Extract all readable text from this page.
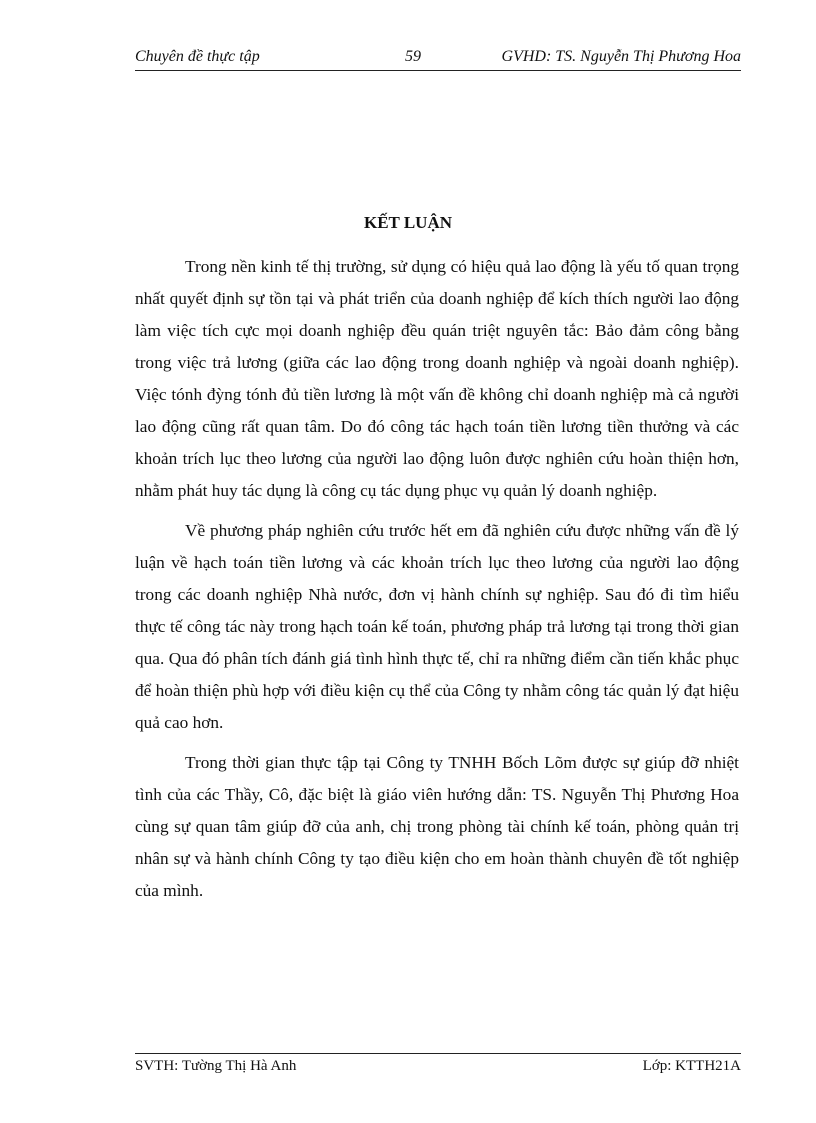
Chuyên đề thực tập	59	GVHD: TS. Nguyễn Thị Phương Hoa
KẾT LUẬN

Trong nền kinh tế thị trường, sử dụng có hiệu quả lao động là yếu tố quan trọng nhất quyết định sự tồn tại và phát triển của doanh nghiệp để kích thích người lao động làm việc tích cực mọi doanh nghiệp đều quán triệt nguyên tắc: Bảo đảm công bằng trong việc trả lương (giữa các lao động trong doanh nghiệp và ngoài doanh nghiệp). Việc tónh đỳng tónh đủ tiền lương là một vấn đề không chỉ doanh nghiệp mà cả người lao động cũng rất quan tâm. Do đó công tác hạch toán tiền lương tiền thưởng và các khoản trích lục theo lương của người lao động luôn được nghiên cứu hoàn thiện hơn, nhằm phát huy tác dụng là công cụ tác dụng phục vụ quản lý doanh nghiệp.

Về phương pháp nghiên cứu trước hết em đã nghiên cứu được những vấn đề lý luận về hạch toán tiền lương và các khoản trích lục theo lương của người lao động trong các doanh nghiệp Nhà nước, đơn vị hành chính sự nghiệp. Sau đó đi tìm hiểu thực tế công tác này trong hạch toán kế toán, phương pháp trả lương tại trong thời gian qua. Qua đó phân tích đánh giá tình hình thực tế, chỉ ra những điểm cần tiến khắc phục để hoàn thiện phù hợp với điều kiện cụ thể của Công ty nhằm công tác quản lý đạt hiệu quả cao hơn.

Trong thời gian thực tập tại Công ty TNHH Bốch Lõm được sự giúp đỡ nhiệt tình của các Thầy, Cô, đặc biệt là giáo viên hướng dẫn: TS. Nguyễn Thị Phương Hoa cùng sự quan tâm giúp đỡ của anh, chị trong phòng tài chính kế toán, phòng quản trị nhân sự và hành chính Công ty tạo điều kiện cho em hoàn thành chuyên đề tốt nghiệp của mình.

SVTH: Tường Thị Hà Anh	Lớp: KTTH21A
